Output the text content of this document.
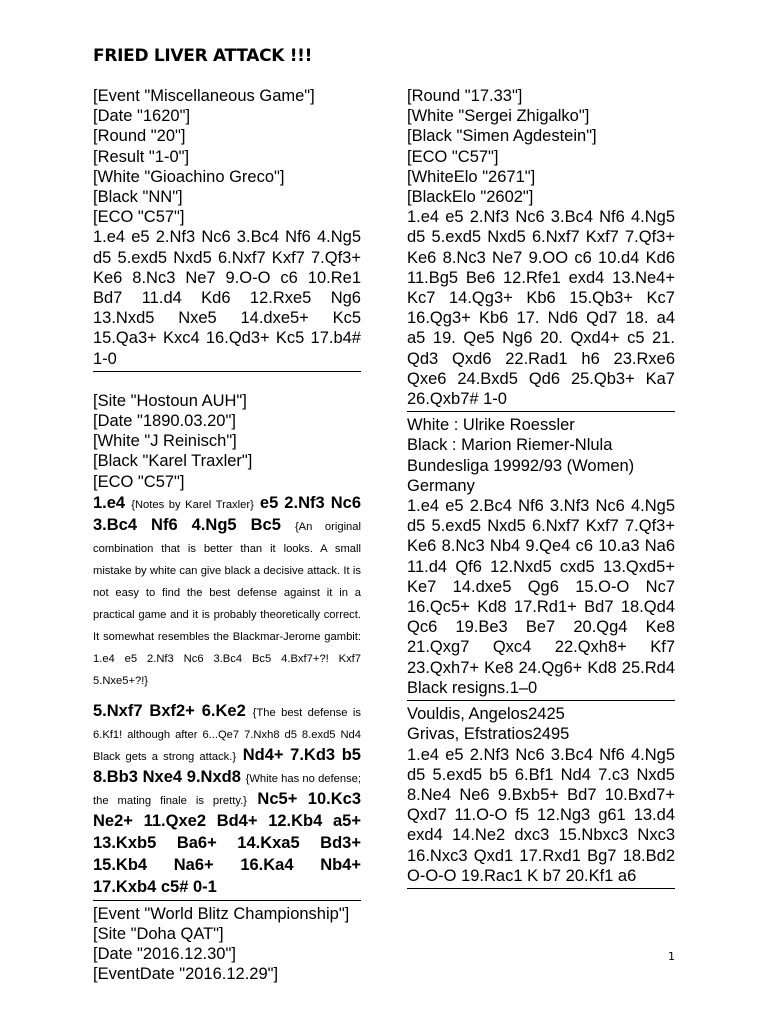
FRIED LIVER ATTACK !!!
[Event "Miscellaneous Game"]
[Date "1620"]
[Round "20"]
[Result "1-0"]
[White "Gioachino Greco"]
[Black "NN"]
[ECO "C57"]
1.e4 e5 2.Nf3 Nc6 3.Bc4 Nf6 4.Ng5 d5 5.exd5 Nxd5 6.Nxf7 Kxf7 7.Qf3+ Ke6 8.Nc3 Ne7 9.O-O c6 10.Re1 Bd7 11.d4 Kd6 12.Rxe5 Ng6 13.Nxd5 Nxe5 14.dxe5+ Kc5 15.Qa3+ Kxc4 16.Qd3+ Kc5 17.b4# 1-0
[Site "Hostoun AUH"]
[Date "1890.03.20"]
[White "J Reinisch"]
[Black "Karel Traxler"]
[ECO "C57"]
1.e4 {Notes by Karel Traxler} e5 2.Nf3 Nc6 3.Bc4 Nf6 4.Ng5 Bc5 {An original combination that is better than it looks. A small mistake by white can give black a decisive attack. It is not easy to find the best defense against it in a practical game and it is probably theoretically correct. It somewhat resembles the Blackmar-Jerome gambit: 1.e4 e5 2.Nf3 Nc6 3.Bc4 Bc5 4.Bxf7+?! Kxf7 5.Nxe5+?!}
5.Nxf7 Bxf2+ 6.Ke2 {The best defense is 6.Kf1! although after 6...Qe7 7.Nxh8 d5 8.exd5 Nd4 Black gets a strong attack.} Nd4+ 7.Kd3 b5 8.Bb3 Nxe4 9.Nxd8 {White has no defense; the mating finale is pretty.} Nc5+ 10.Kc3 Ne2+ 11.Qxe2 Bd4+ 12.Kb4 a5+ 13.Kxb5 Ba6+ 14.Kxa5 Bd3+ 15.Kb4 Na6+ 16.Ka4 Nb4+ 17.Kxb4 c5# 0-1
[Event "World Blitz Championship"]
[Site "Doha QAT"]
[Date "2016.12.30"]
[EventDate "2016.12.29"]
[Round "17.33"]
[White "Sergei Zhigalko"]
[Black "Simen Agdestein"]
[ECO "C57"]
[WhiteElo "2671"]
[BlackElo "2602"]
1.e4 e5 2.Nf3 Nc6 3.Bc4 Nf6 4.Ng5 d5 5.exd5 Nxd5 6.Nxf7 Kxf7 7.Qf3+ Ke6 8.Nc3 Ne7 9.OO c6 10.d4 Kd6 11.Bg5 Be6 12.Rfe1 exd4 13.Ne4+ Kc7 14.Qg3+ Kb6 15.Qb3+ Kc7 16.Qg3+ Kb6 17. Nd6 Qd7 18. a4 a5 19. Qe5 Ng6 20. Qxd4+ c5 21. Qd3 Qxd6 22.Rad1 h6 23.Rxe6 Qxe6 24.Bxd5 Qd6 25.Qb3+ Ka7 26.Qxb7# 1-0
White : Ulrike Roessler
Black : Marion Riemer-Nlula
Bundesliga 19992/93 (Women)
Germany
1.e4 e5 2.Bc4 Nf6 3.Nf3 Nc6 4.Ng5 d5 5.exd5 Nxd5 6.Nxf7 Kxf7 7.Qf3+ Ke6 8.Nc3 Nb4 9.Qe4 c6 10.a3 Na6 11.d4 Qf6 12.Nxd5 cxd5 13.Qxd5+ Ke7 14.dxe5 Qg6 15.O-O Nc7 16.Qc5+ Kd8 17.Rd1+ Bd7 18.Qd4 Qc6 19.Be3 Be7 20.Qg4 Ke8 21.Qxg7 Qxc4 22.Qxh8+ Kf7 23.Qxh7+ Ke8 24.Qg6+ Kd8 25.Rd4 Black resigns.1–0
Vouldis, Angelos2425
Grivas, Efstratios2495
1.e4 e5 2.Nf3 Nc6 3.Bc4 Nf6 4.Ng5 d5 5.exd5 b5 6.Bf1 Nd4 7.c3 Nxd5 8.Ne4 Ne6 9.Bxb5+ Bd7 10.Bxd7+ Qxd7 11.O-O f5 12.Ng3 g61 13.d4 exd4 14.Ne2 dxc3 15.Nbxc3 Nxc3 16.Nxc3 Qxd1 17.Rxd1 Bg7 18.Bd2 O-O-O 19.Rac1 K b7 20.Kf1 a6
1
